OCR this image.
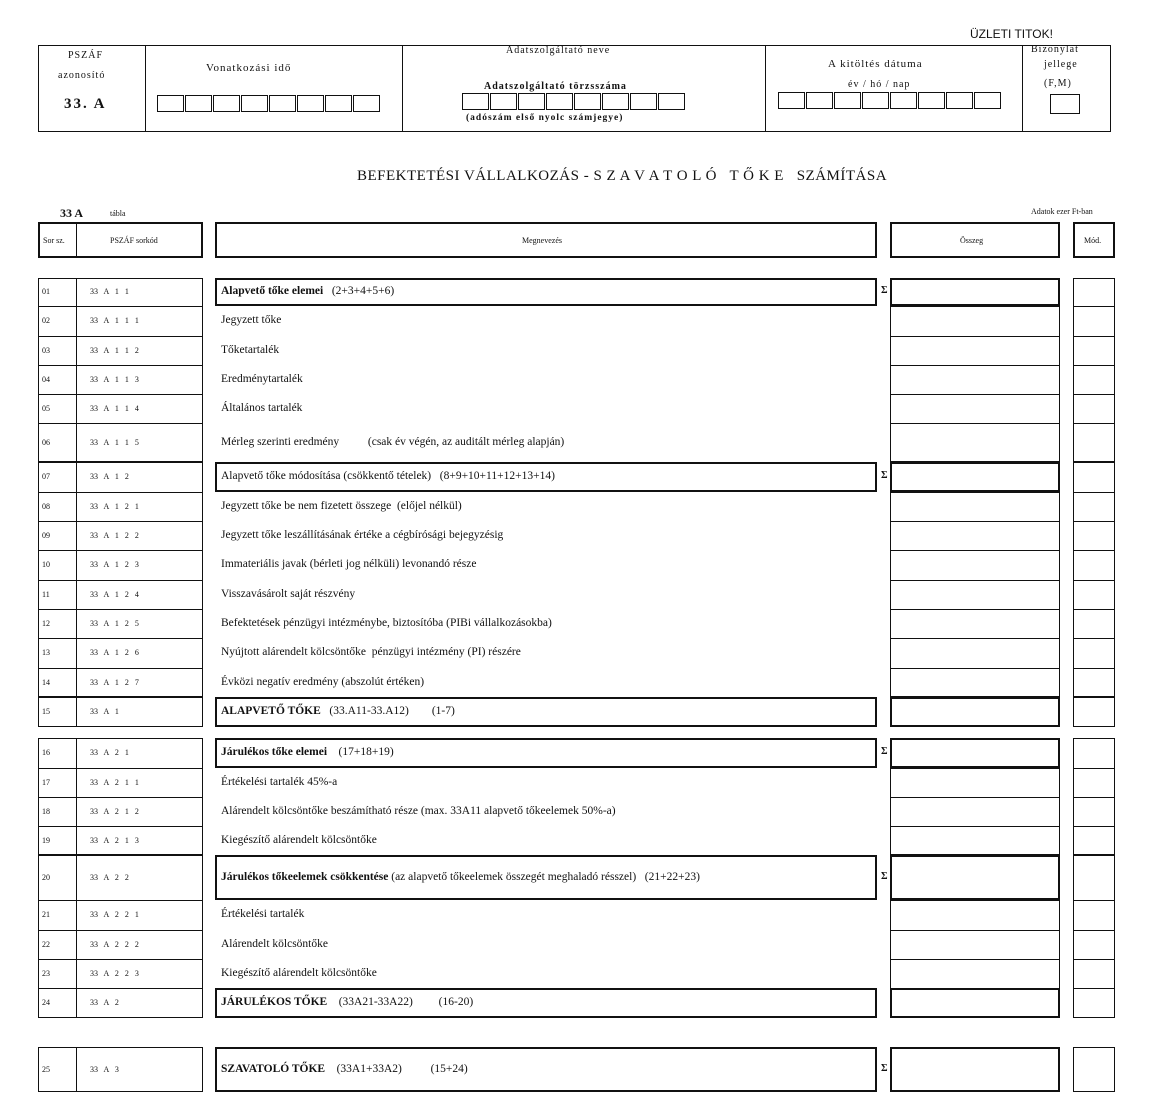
ÜZLETI TITOK!
PSZÁF
azonosító
33. A
Vonatkozási idő
Adatszolgáltató neve
Adatszolgáltató törzsszáma
(adószám első nyolc számjegye)
A kitöltés dátuma
év / hó / nap
Bizonylat
jellege
(F,M)
BEFEKTETÉSI VÁLLALKOZÁS - S Z A V A T O L Ó   T Ő K E   SZÁMÍTÁSA
33 A	tábla	Adatok ezer Ft-ban
Sor sz.	PSZÁF sorkód	Megnevezés	Összeg	Mód.
01	33   A   1   1	Alapvető tőke elemei   (2+3+4+5+6)	Σ
02	33   A   1   1   1	Jegyzett tőke
03	33   A   1   1   2	Tőketartalék
04	33   A   1   1   3	Eredménytartalék
05	33   A   1   1   4	Általános tartalék
06	33   A   1   1   5	Mérleg szerinti eredmény          (csak év végén, az auditált mérleg alapján)
07	33   A   1   2	Alapvető tőke módosítása (csökkentő tételek)   (8+9+10+11+12+13+14)	Σ
08	33   A   1   2   1	Jegyzett tőke be nem fizetett összege  (előjel nélkül)
09	33   A   1   2   2	Jegyzett tőke leszállításának értéke a cégbírósági bejegyzésig
10	33   A   1   2   3	Immateriális javak (bérleti jog nélküli) levonandó része
11	33   A   1   2   4	Visszavásárolt saját részvény
12	33   A   1   2   5	Befektetések pénzügyi intézménybe, biztosítóba (PIBi vállalkozásokba)
13	33   A   1   2   6	Nyújtott alárendelt kölcsöntőke  pénzügyi intézmény (PI) részére
14	33   A   1   2   7	Évközi negatív eredmény (abszolút értéken)
15	33   A   1	ALAPVETŐ TŐKE   (33.A11-33.A12)        (1-7)
16	33   A   2   1	Járulékos tőke elemei    (17+18+19)	Σ
17	33   A   2   1   1	Értékelési tartalék 45%-a
18	33   A   2   1   2	Alárendelt kölcsöntőke beszámítható része (max. 33A11 alapvető tőkeelemek 50%-a)
19	33   A   2   1   3	Kiegészítő alárendelt kölcsöntőke
20	33   A   2   2	Járulékos tőkeelemek csökkentése (az alapvető tőkeelemek összegét meghaladó résszel)   (21+22+23)	Σ
21	33   A   2   2   1	Értékelési tartalék
22	33   A   2   2   2	Alárendelt kölcsöntőke
23	33   A   2   2   3	Kiegészítő alárendelt kölcsöntőke
24	33   A   2	JÁRULÉKOS TŐKE    (33A21-33A22)         (16-20)
25	33   A   3	SZAVATOLÓ TŐKE    (33A1+33A2)          (15+24)	Σ
